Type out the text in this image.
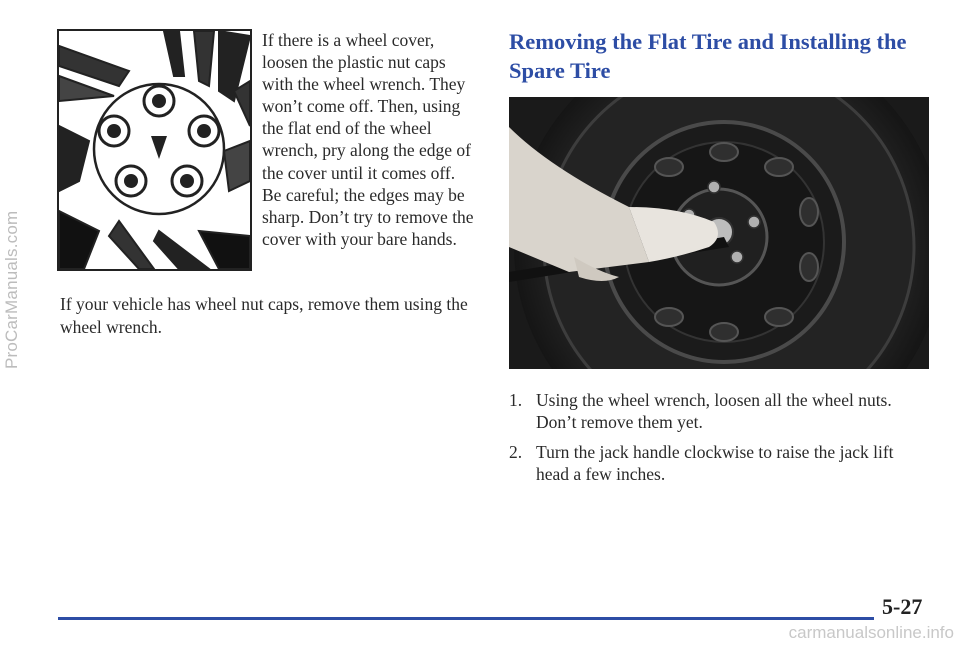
ProCarManuals.com

If there is a wheel cover, loosen the plastic nut caps with the wheel wrench. They won’t come off. Then, using the flat end of the wheel wrench, pry along the edge of the cover until it comes off. Be careful; the edges may be sharp. Don’t try to remove the cover with your bare hands.

If your vehicle has wheel nut caps, remove them using the wheel wrench.

Removing the Flat Tire and Installing the Spare Tire
1. Using the wheel wrench, loosen all the wheel nuts. Don’t remove them yet.
2. Turn the jack handle clockwise to raise the jack lift head a few inches.

5-27

carmanualsonline.info
